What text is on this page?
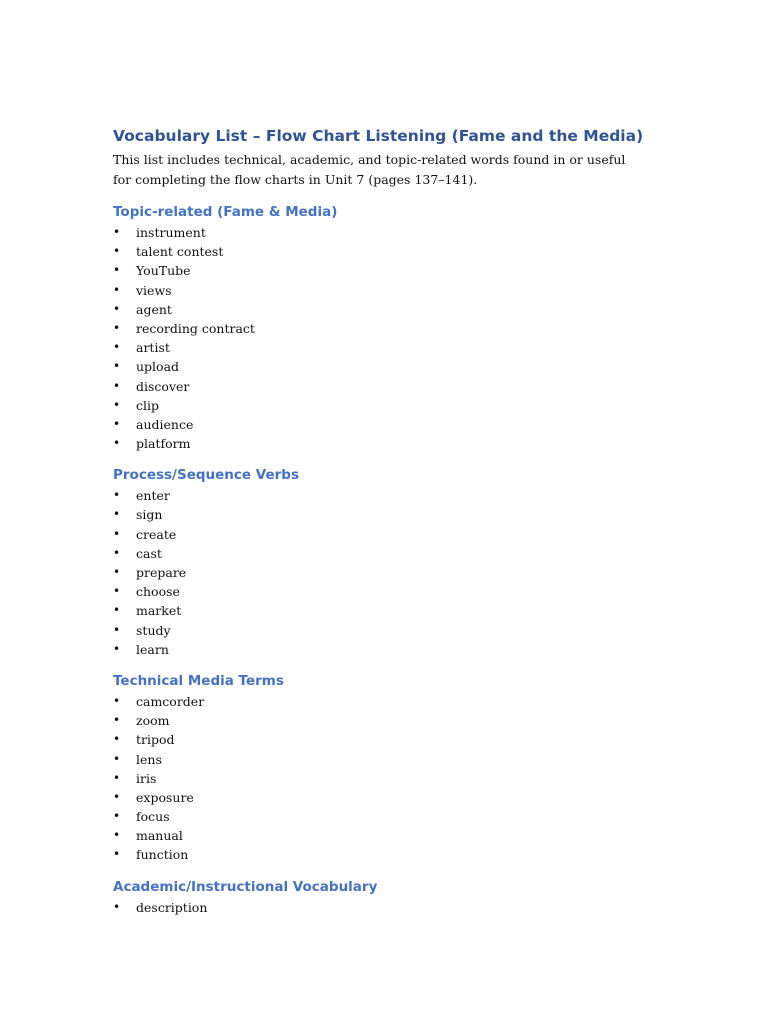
Vocabulary List – Flow Chart Listening (Fame and the Media)

This list includes technical, academic, and topic-related words found in or useful for completing the flow charts in Unit 7 (pages 137–141).

Topic-related (Fame & Media)
• instrument
• talent contest
• YouTube
• views
• agent
• recording contract
• artist
• upload
• discover
• clip
• audience
• platform
Process/Sequence Verbs
• enter
• sign
• create
• cast
• prepare
• choose
• market
• study
• learn
Technical Media Terms
• camcorder
• zoom
• tripod
• lens
• iris
• exposure
• focus
• manual
• function
Academic/Instructional Vocabulary
• description
